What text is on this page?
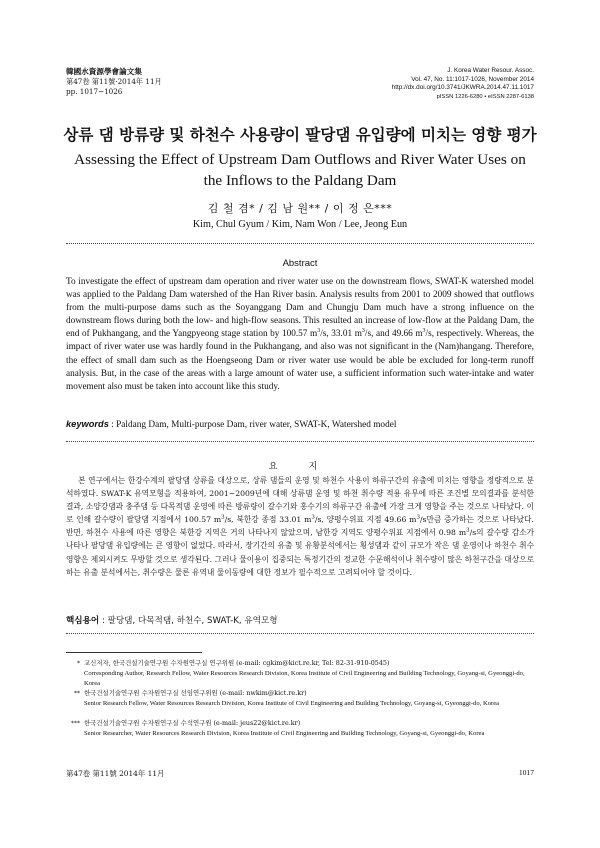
韓國水資源學會論文集
第47卷 第11號·2014年 11月
pp. 1017∼1026
J. Korea Water Resour. Assoc.
Vol. 47, No. 11:1017-1026, November 2014
http://dx.doi.org/10.3741/JKWRA.2014.47.11.1017
pISSN 1226-6280 • eISSN 2287-6138
상류 댐 방류량 및 하천수 사용량이 팔당댐 유입량에 미치는 영향 평가
Assessing the Effect of Upstream Dam Outflows and River Water Uses on the Inflows to the Paldang Dam
김 철 겸* / 김 남 원** / 이 정 은***
Kim, Chul Gyum / Kim, Nam Won / Lee, Jeong Eun
Abstract

To investigate the effect of upstream dam operation and river water use on the downstream flows, SWAT-K watershed model was applied to the Paldang Dam watershed of the Han River basin. Analysis results from 2001 to 2009 showed that outflows from the multi-purpose dams such as the Soyanggang Dam and Chungju Dam much have a strong influence on the downstream flows during both the low- and high-flow seasons. This resulted an increase of low-flow at the Paldang Dam, the end of Pukhangang, and the Yangpyeong stage station by 100.57 $m^3/s$, 33.01 $m^3/s$, and 49.66 $m^3/s$, respectively. Whereas, the impact of river water use was hardly found in the Pukhangang, and also was not significant in the (Nam)hangang. Therefore, the effect of small dam such as the Hoengseong Dam or river water use would be able be excluded for long-term runoff analysis. But, in the case of the areas with a large amount of water use, a sufficient information such water-intake and water movement also must be taken into account like this study.

keywords : Paldang Dam, Multi-purpose Dam, river water, SWAT-K, Watershed model
요 지

본 연구에서는 한강수계의 팔당댐 상류를 대상으로, 상류 댐들의 운영 및 하천수 사용이 하류구간의 유출에 미치는 영향을 정량적으로 분석하였다. SWAT-K 유역모형을 적용하여, 2001∼2009년에 대해 상류댐 운영 및 하천 취수량 적용 유무에 따른 조건별 모의결과를 분석한 결과, 소양강댐과 충주댐 등 다목적댐 운영에 따른 방류량이 갈수기와 홍수기의 하류구간 유출에 가장 크게 영향을 주는 것으로 나타났다. 이로 인해 갈수량이 팔당댐 지점에서 100.57 $m^3/s$, 북한강 종점 33.01 $m^3/s$, 양평수위표 지점 49.66 $m^3/s$만큼 증가하는 것으로 나타났다. 반면, 하천수 사용에 따른 영향은 북한강 지역은 거의 나타나지 않았으며, 남한강 지역도 양평수위표 지점에서 0.98 $m^3/s$의 갈수량 감소가 나타나 팔당댐 유입량에는 큰 영향이 없었다. 따라서, 장기간의 유출 및 유황분석에서는 횡성댐과 같이 규모가 작은 댐 운영이나 하천수 취수 영향은 제외시켜도 무방할 것으로 생각된다. 그러나 물이용이 집중되는 특정기간의 정교한 수문해석이나 취수량이 많은 하천구간을 대상으로 하는 유출 분석에서는, 취수량은 물론 유역내 물이동량에 대한 정보가 필수적으로 고려되어야 할 것이다.

핵심용어 : 팔당댐, 다목적댐, 하천수, SWAT-K, 유역모형
* 교신저자, 한국건설기술연구원 수자원연구실 연구위원 (e-mail: cgkim@kict.re.kr, Tel: 82-31-910-0545)
Corresponding Author, Research Fellow, Water Resources Research Division, Korea Institute of Civil Engineering and Building Technology, Goyang-si, Gyeonggi-do, Korea
** 한국건설기술연구원 수자원연구실 선임연구위원 (e-mail: nwkim@kict.re.kr)
Senior Research Fellow, Water Resources Research Division, Korea Institute of Civil Engineering and Building Technology, Goyang-si, Gyeonggi-do, Korea
*** 한국건설기술연구원 수자원연구실 수석연구원 (e-mail: jeus22@kict.re.kr)
Senior Researcher, Water Resources Research Division, Korea Institute of Civil Engineering and Building Technology, Goyang-si, Gyeonggi-do, Korea
第47卷 第11號 2014年 11月	1017
